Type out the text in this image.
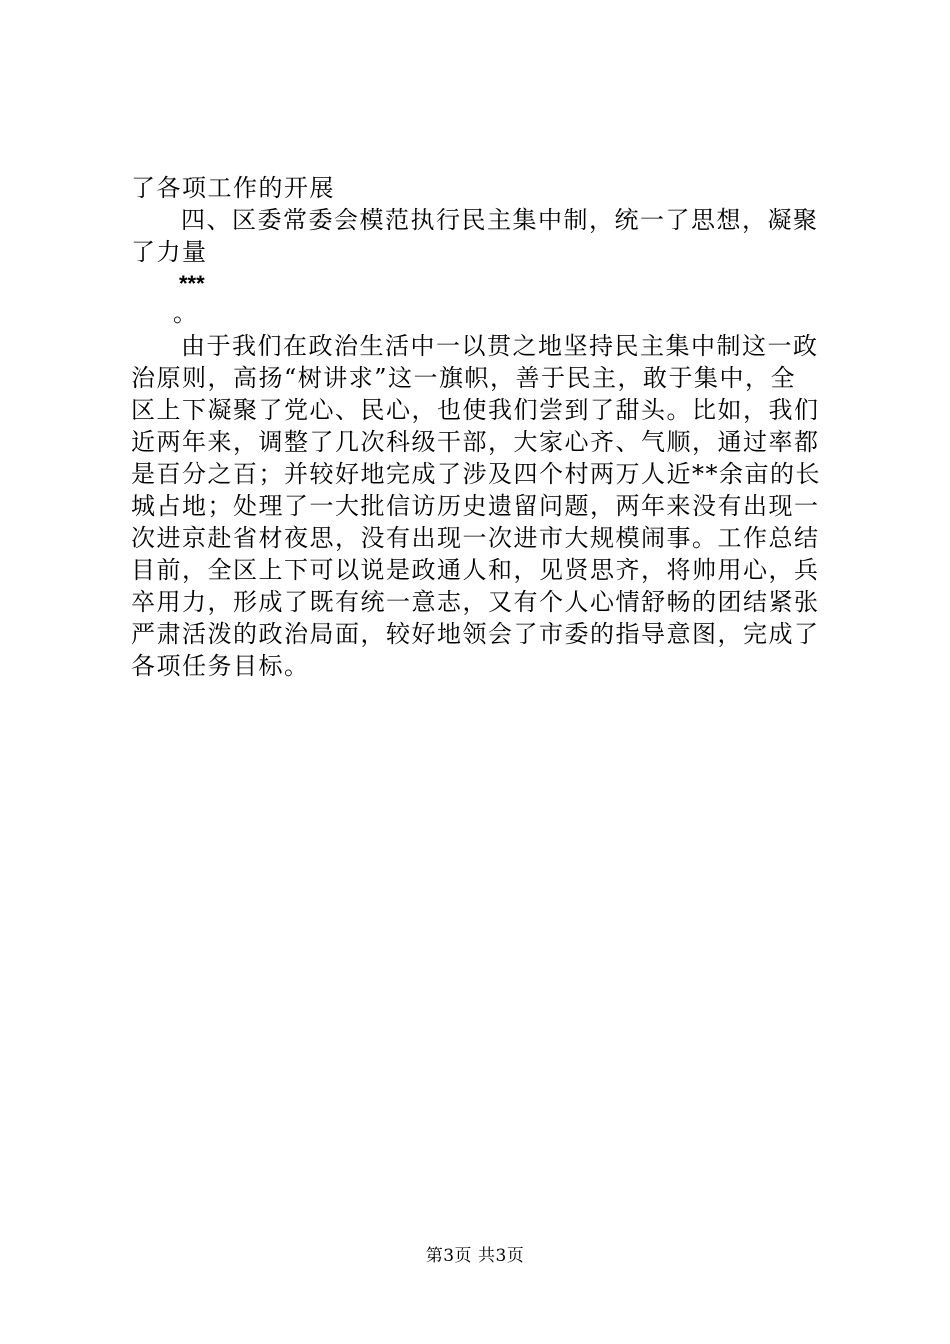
了各项工作的开展
四、区委常委会模范执行民主集中制，统一了思想，凝聚
了力量
***
。
由于我们在政治生活中一以贯之地坚持民主集中制这一政
治原则，高扬“树讲求”这一旗帜，善于民主，敢于集中，全
区上下凝聚了党心、民心，也使我们尝到了甜头。比如，我们
近两年来，调整了几次科级干部，大家心齐、气顺，通过率都
是百分之百；并较好地完成了涉及四个村两万人近**余亩的长
城占地；处理了一大批信访历史遗留问题，两年来没有出现一
次进京赴省材夜思，没有出现一次进市大规模闹事。工作总结
目前，全区上下可以说是政通人和，见贤思齐，将帅用心，兵
卒用力，形成了既有统一意志，又有个人心情舒畅的团结紧张
严肃活泼的政治局面，较好地领会了市委的指导意图，完成了
各项任务目标。
第3页 共3页
